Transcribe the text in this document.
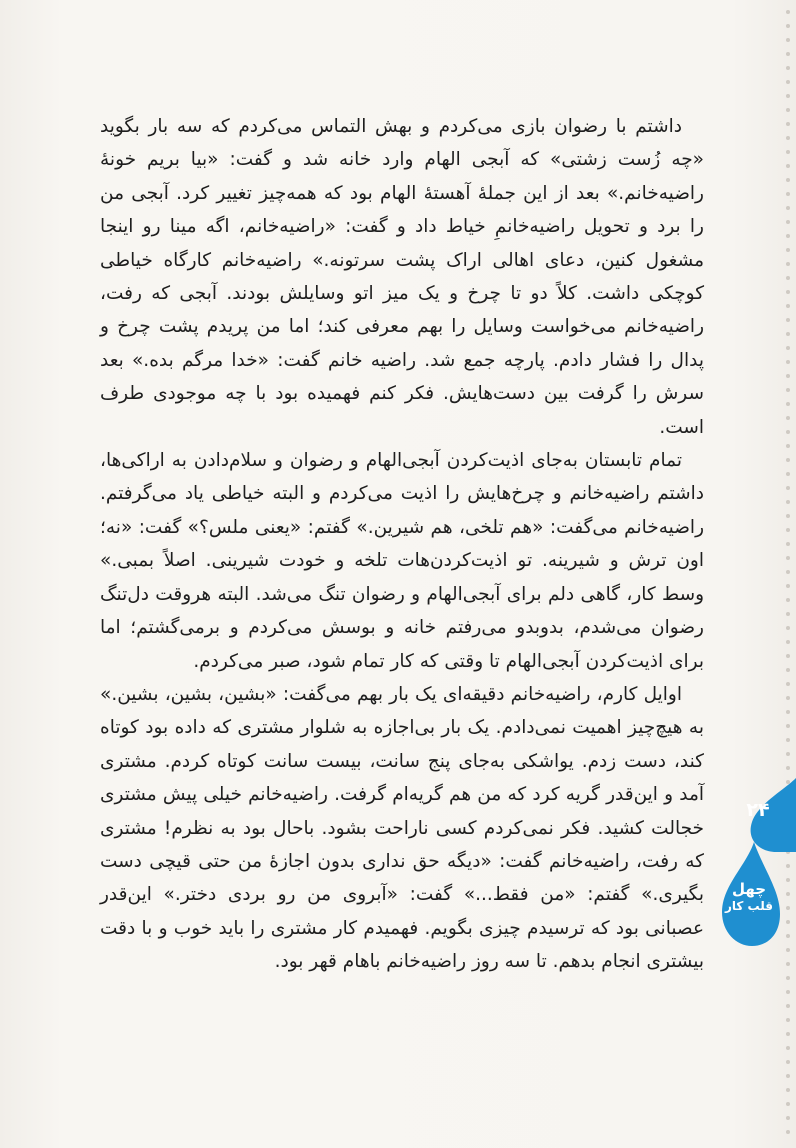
داشتم با رضوان بازی می‌کردم و بهش التماس می‌کردم که سه بار بگوید «چه زُست زشتی» که آبجی الهام وارد خانه شد و گفت: «بیا بریم خونهٔ راضیه‌خانم.» بعد از این جملهٔ آهستهٔ الهام بود که همه‌چیز تغییر کرد. آبجی من را برد و تحویل راضیه‌خانمِ خیاط داد و گفت: «راضیه‌خانم، اگه مینا رو اینجا مشغول کنین، دعای اهالی اراک پشت سرتونه.» راضیه‌خانم کارگاه خیاطی کوچکی داشت. کلاً دو تا چرخ و یک میز اتو وسایلش بودند. آبجی که رفت، راضیه‌خانم می‌خواست وسایل را بهم معرفی کند؛ اما من پریدم پشت چرخ و پدال را فشار دادم. پارچه جمع شد. راضیه خانم گفت: «خدا مرگم بده.» بعد سرش را گرفت بین دست‌هایش. فکر کنم فهمیده بود با چه موجودی طرف است.

تمام تابستان به‌جای اذیت‌کردن آبجی‌الهام و رضوان و سلام‌دادن به اراکی‌ها، داشتم راضیه‌خانم و چرخ‌هایش را اذیت می‌کردم و البته خیاطی یاد می‌گرفتم. راضیه‌خانم می‌گفت: «هم تلخی، هم شیرین.» گفتم: «یعنی ملس؟» گفت: «نه؛ اون ترش و شیرینه. تو اذیت‌کردن‌هات تلخه و خودت شیرینی. اصلاً بمبی.» وسط کار، گاهی دلم برای آبجی‌الهام و رضوان تنگ می‌شد. البته هروقت دل‌تنگ رضوان می‌شدم، بدوبدو می‌رفتم خانه و بوسش می‌کردم و برمی‌گشتم؛ اما برای اذیت‌کردن آبجی‌الهام تا وقتی که کار تمام شود، صبر می‌کردم.

اوایل کارم، راضیه‌خانم دقیقه‌ای یک بار بهم می‌گفت: «بشین، بشین، بشین.» به هیچ‌چیز اهمیت نمی‌دادم. یک بار بی‌اجازه به شلوار مشتری که داده بود کوتاه کند، دست زدم. یواشکی به‌جای پنج سانت، بیست سانت کوتاه کردم. مشتری آمد و این‌قدر گریه کرد که من هم گریه‌ام گرفت. راضیه‌خانم خیلی پیش مشتری خجالت کشید. فکر نمی‌کردم کسی ناراحت بشود. باحال بود به نظرم! مشتری که رفت، راضیه‌خانم گفت: «دیگه حق نداری بدون اجازهٔ من حتی قیچی دست بگیری.» گفتم: «من فقط...» گفت: «آبروی من رو بردی دختر.» این‌قدر عصبانی بود که ترسیدم چیزی بگویم. فهمیدم کار مشتری را باید خوب و با دقت بیشتری انجام بدهم. تا سه روز راضیه‌خانم باهام قهر بود.

۲۴
چهل
قلب کار
